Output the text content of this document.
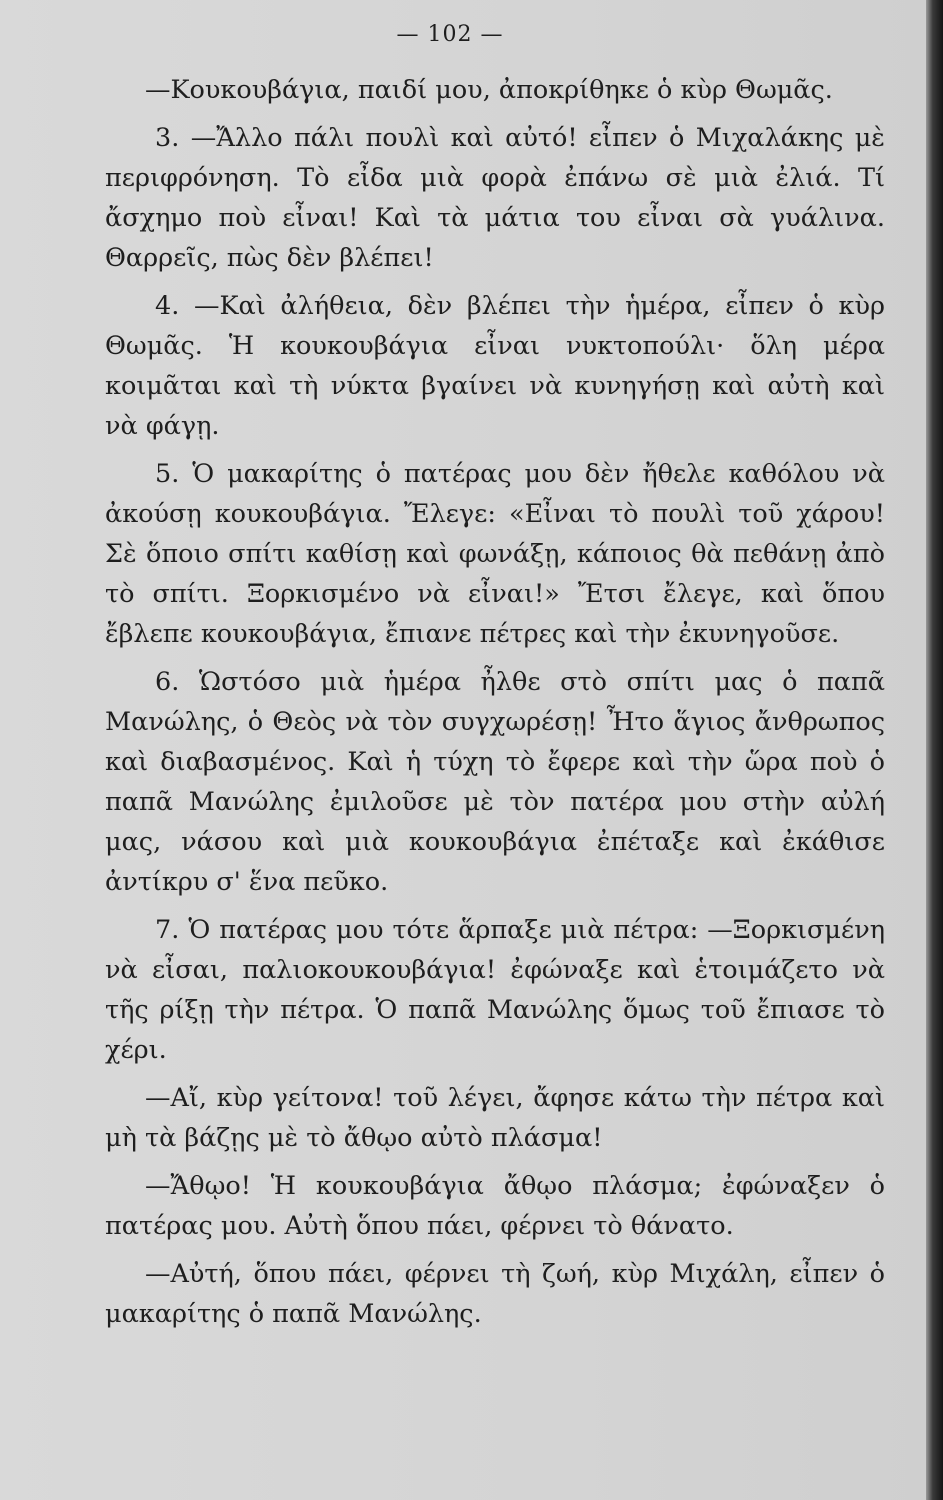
— 102 —

—Κουκουβάγια, παιδί μου, ἀποκρίθηκε ὁ κὺρ Θωμᾶς.

3. —Ἄλλο πάλι πουλὶ καὶ αὐτό! εἶπεν ὁ Μιχαλάκης μὲ περιφρόνηση. Τὸ εἶδα μιὰ φορὰ ἐπάνω σὲ μιὰ ἐλιά. Τί ἄσχημο ποὺ εἶναι! Καὶ τὰ μάτια του εἶναι σὰ γυάλινα. Θαρρεῖς, πὼς δὲν βλέπει!

4. —Καὶ ἀλήθεια, δὲν βλέπει τὴν ἡμέρα, εἶπεν ὁ κὺρ Θωμᾶς. Ἡ κουκουβάγια εἶναι νυκτοπούλι· ὅλη μέρα κοιμᾶται καὶ τὴ νύκτα βγαίνει νὰ κυνηγήσῃ καὶ αὐτὴ καὶ νὰ φάγῃ.

5. Ὁ μακαρίτης ὁ πατέρας μου δὲν ἤθελε καθόλου νὰ ἀκούσῃ κουκουβάγια. Ἔλεγε: «Εἶναι τὸ πουλὶ τοῦ χάρου! Σὲ ὅποιο σπίτι καθίσῃ καὶ φωνάξῃ, κάποιος θὰ πεθάνῃ ἀπὸ τὸ σπίτι. Ξορκισμένο νὰ εἶναι!» Ἔτσι ἔλεγε, καὶ ὅπου ἔβλεπε κουκουβάγια, ἔπιανε πέτρες καὶ τὴν ἐκυνηγοῦσε.

6. Ὡστόσο μιὰ ἡμέρα ἦλθε στὸ σπίτι μας ὁ παπᾶ Μανώλης, ὁ Θεὸς νὰ τὸν συγχωρέσῃ! Ἦτο ἅγιος ἄνθρωπος καὶ διαβασμένος. Καὶ ἡ τύχη τὸ ἔφερε καὶ τὴν ὥρα ποὺ ὁ παπᾶ Μανώλης ἐμιλοῦσε μὲ τὸν πατέρα μου στὴν αὐλή μας, νάσου καὶ μιὰ κουκουβάγια ἐπέταξε καὶ ἐκάθισε ἀντίκρυ σ' ἕνα πεῦκο.

7. Ὁ πατέρας μου τότε ἅρπαξε μιὰ πέτρα: —Ξορκισμένη νὰ εἶσαι, παλιοκουκουβάγια! ἐφώναξε καὶ ἑτοιμάζετο νὰ τῆς ρίξῃ τὴν πέτρα. Ὁ παπᾶ Μανώλης ὅμως τοῦ ἔπιασε τὸ χέρι.

—Αἴ, κὺρ γείτονα! τοῦ λέγει, ἄφησε κάτω τὴν πέτρα καὶ μὴ τὰ βάζῃς μὲ τὸ ἄθῳο αὐτὸ πλάσμα!

—Ἄθῳο! Ἡ κουκουβάγια ἄθῳο πλάσμα; ἐφώναξεν ὁ πατέρας μου. Αὐτὴ ὅπου πάει, φέρνει τὸ θάνατο.

—Αὐτή, ὅπου πάει, φέρνει τὴ ζωή, κὺρ Μιχάλη, εἶπεν ὁ μακαρίτης ὁ παπᾶ Μανώλης.
